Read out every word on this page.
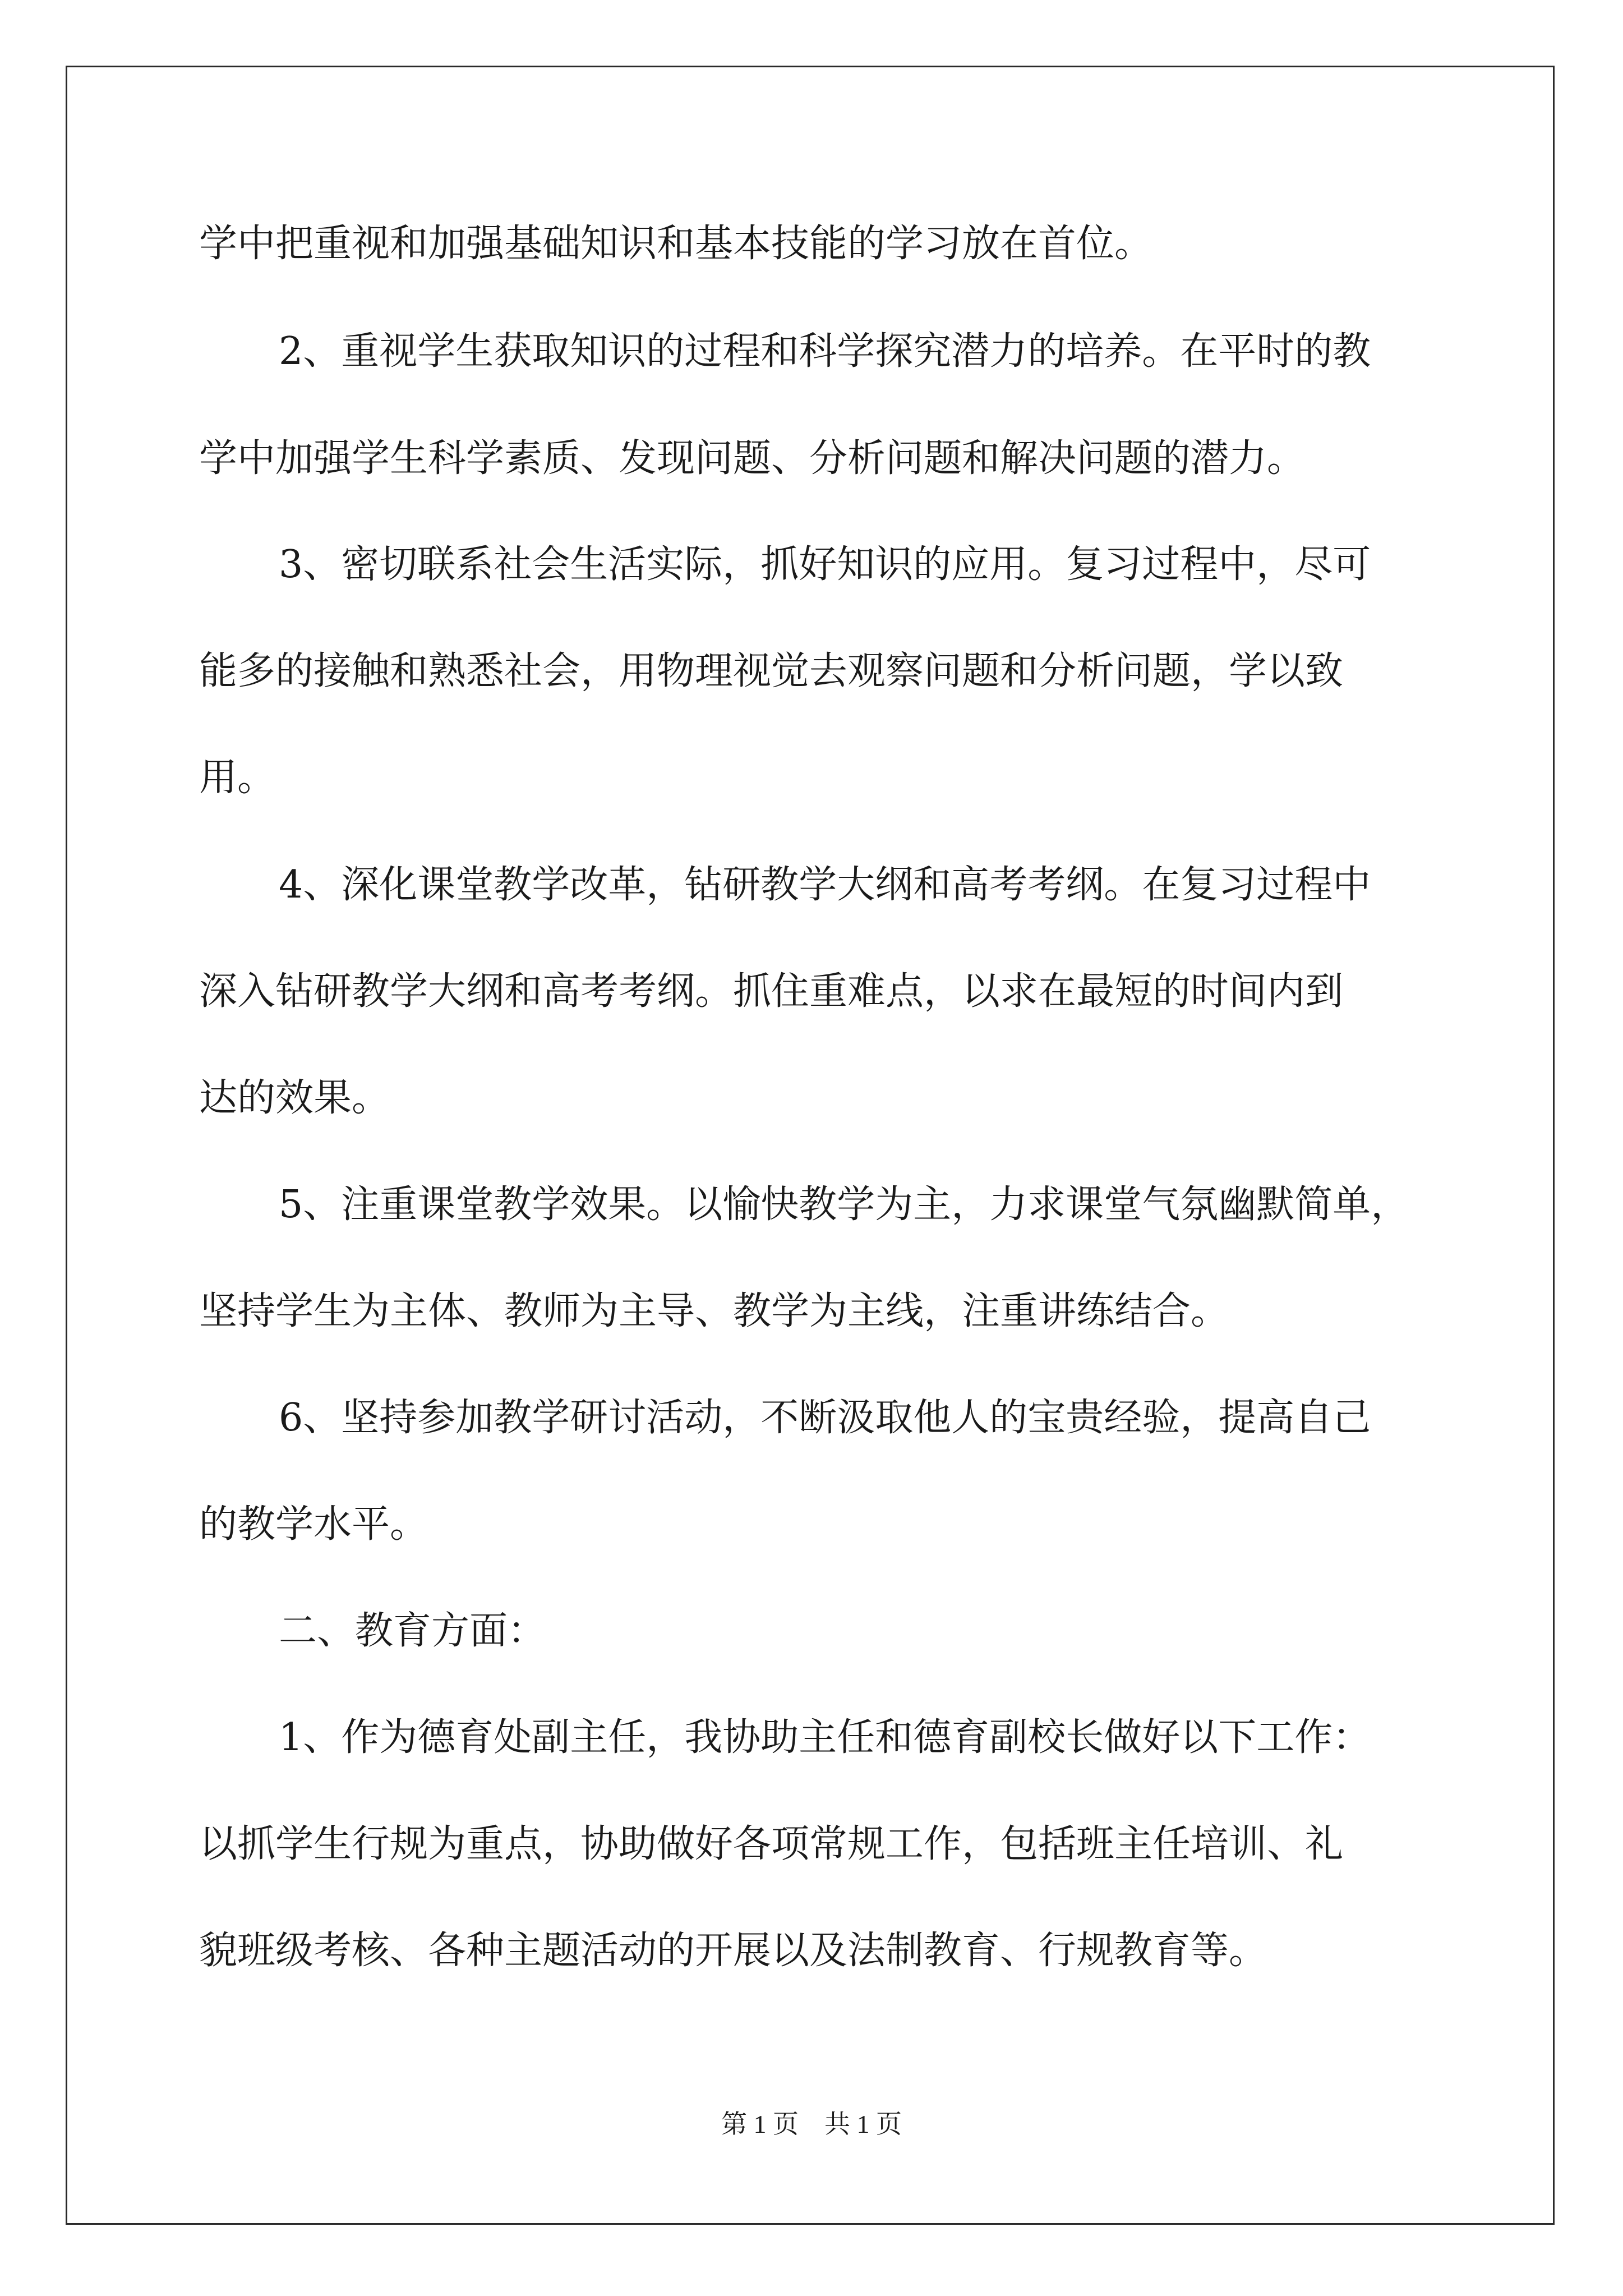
学中把重视和加强基础知识和基本技能的学习放在首位。

2、重视学生获取知识的过程和科学探究潜力的培养。在平时的教

学中加强学生科学素质、发现问题、分析问题和解决问题的潜力。

3、密切联系社会生活实际，抓好知识的应用。复习过程中，尽可

能多的接触和熟悉社会，用物理视觉去观察问题和分析问题，学以致

用。

4、深化课堂教学改革，钻研教学大纲和高考考纲。在复习过程中

深入钻研教学大纲和高考考纲。抓住重难点，以求在最短的时间内到

达的效果。

5、注重课堂教学效果。以愉快教学为主，力求课堂气氛幽默简单，

坚持学生为主体、教师为主导、教学为主线，注重讲练结合。

6、坚持参加教学研讨活动，不断汲取他人的宝贵经验，提高自己

的教学水平。

二、教育方面：

1、作为德育处副主任，我协助主任和德育副校长做好以下工作：

以抓学生行规为重点，协助做好各项常规工作，包括班主任培训、礼

貌班级考核、各种主题活动的开展以及法制教育、行规教育等。

第 1 页    共 1 页
